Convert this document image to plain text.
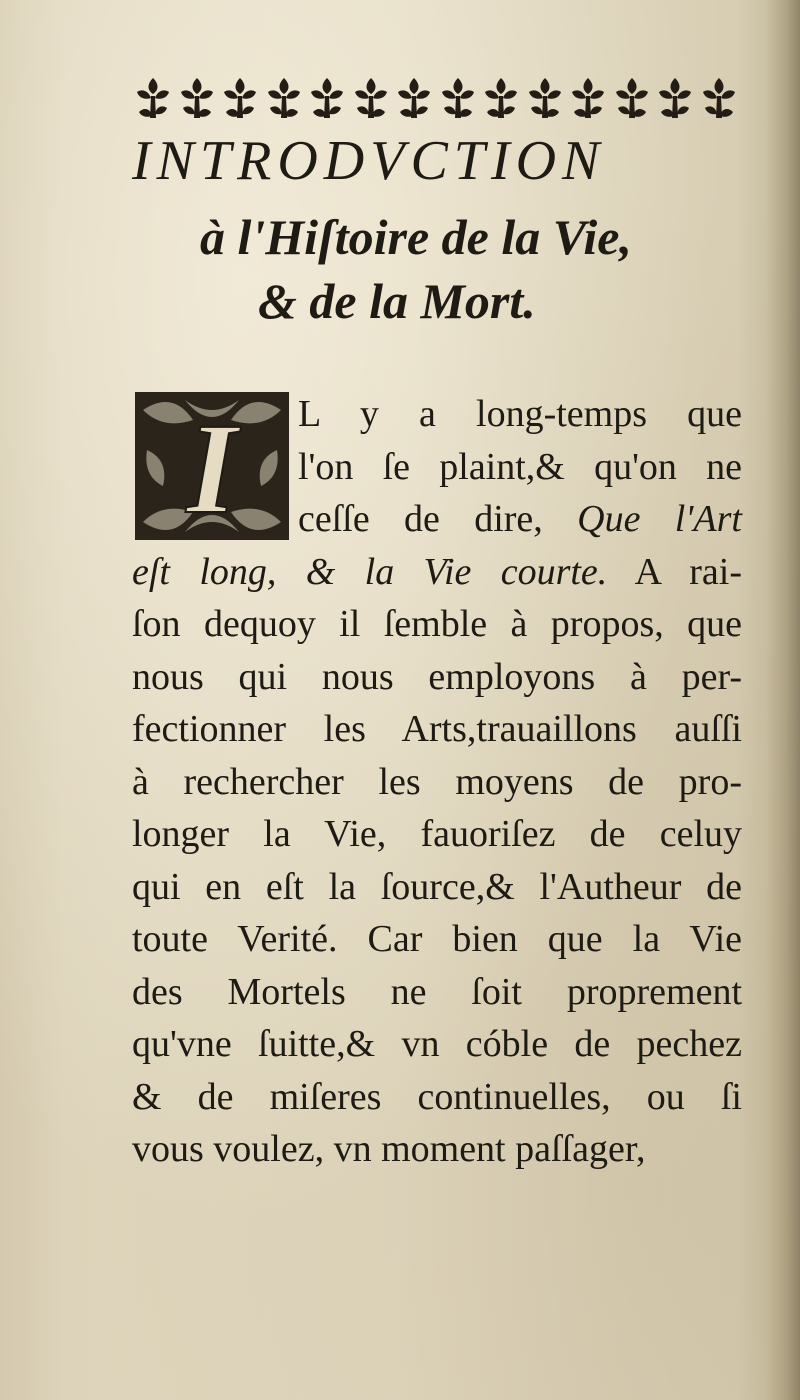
INTRODVCTION
à l'Hiſtoire de la Vie,
& de la Mort.
I	L y a long-temps que
l'on ſe plaint,& qu'on ne
ceſſe de dire, Que l'Art
eſt long, & la Vie courte. A rai-
ſon dequoy il ſemble à propos, que
nous qui nous employons à per-
fectionner les Arts,trauaillons auſſi
à rechercher les moyens de pro-
longer la Vie, fauoriſez de celuy
qui en eſt la ſource,& l'Autheur de
toute Verité. Car bien que la Vie
des Mortels ne ſoit proprement
qu'vne ſuitte,& vn cóble de pechez
& de miſeres continuelles, ou ſi
vous voulez, vn moment paſſager,
